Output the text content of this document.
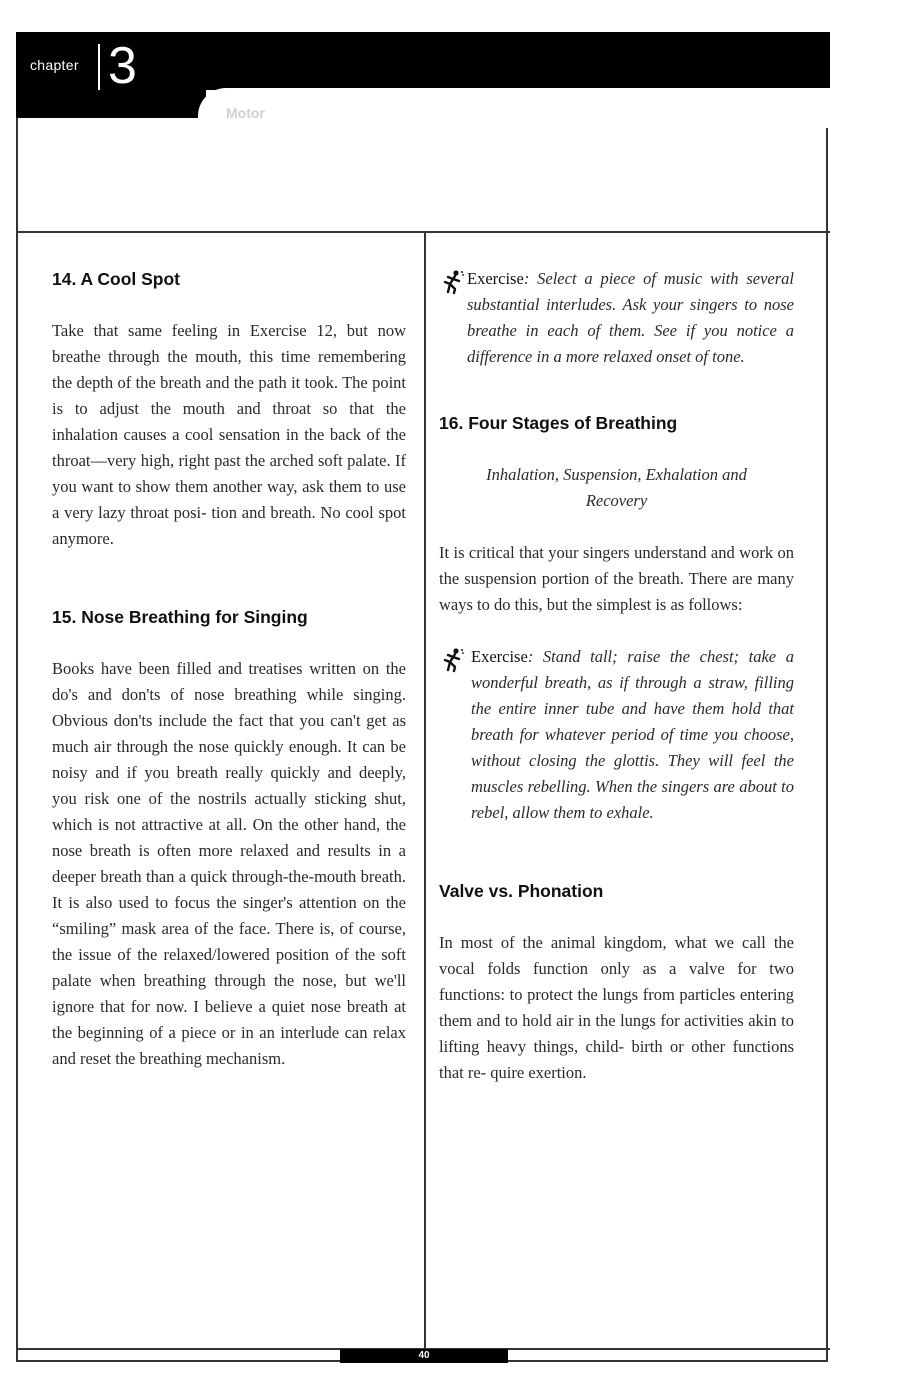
chapter 3
Motor
40
14. A Cool Spot

Take that same feeling in Exercise 12, but now breathe through the mouth, this time remembering the depth of the breath and the path it took. The point is to adjust the mouth and throat so that the inhalation causes a cool sensation in the back of the throat—very high, right past the arched soft palate. If you want to show them another way, ask them to use a very lazy throat posi- tion and breath. No cool spot anymore.

15. Nose Breathing for Singing

Books have been filled and treatises written on the do's and don'ts of nose breathing while singing. Obvious don'ts include the fact that you can't get as much air through the nose quickly enough. It can be noisy and if you breath really quickly and deeply, you risk one of the nostrils actually sticking shut, which is not attractive at all. On the other hand, the nose breath is often more relaxed and results in a deeper breath than a quick through-the-mouth breath. It is also used to focus the singer's attention on the “smiling” mask area of the face. There is, of course, the issue of the relaxed/lowered position of the soft palate when breathing through the nose, but we'll ignore that for now. I believe a quiet nose breath at the beginning of a piece or in an interlude can relax and reset the breathing mechanism.

Exercise: Select a piece of music with several substantial interludes. Ask your singers to nose breathe in each of them. See if you notice a difference in a more relaxed onset of tone.

16. Four Stages of Breathing

Inhalation, Suspension, Exhalation and Recovery

It is critical that your singers understand and work on the suspension portion of the breath. There are many ways to do this, but the simplest is as follows:

Exercise: Stand tall; raise the chest; take a wonderful breath, as if through a straw, filling the entire inner tube and have them hold that breath for whatever period of time you choose, without closing the glottis. They will feel the muscles rebelling. When the singers are about to rebel, allow them to exhale.

Valve vs. Phonation

In most of the animal kingdom, what we call the vocal folds function only as a valve for two functions: to protect the lungs from particles entering them and to hold air in the lungs for activities akin to lifting heavy things, child- birth or other functions that re- quire exertion.
